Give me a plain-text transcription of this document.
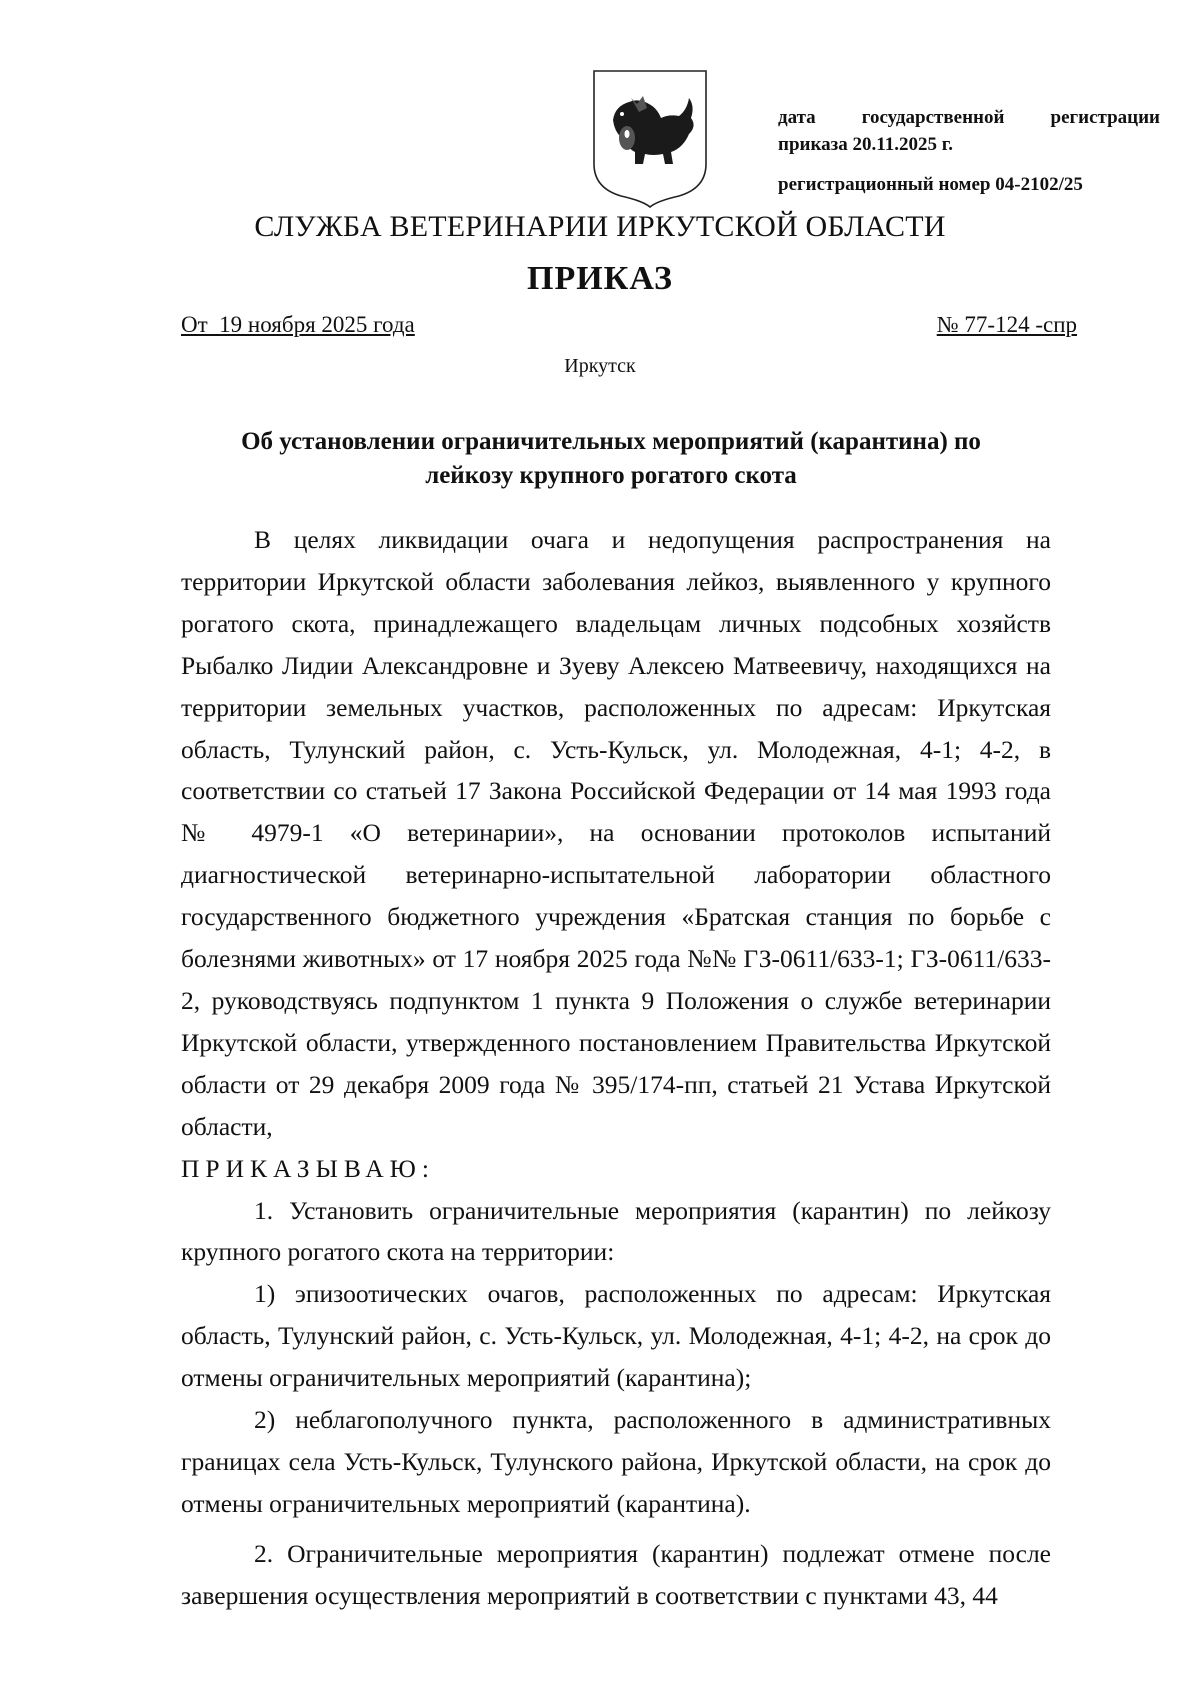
дата государственной регистрации
приказа 20.11.2025 г.
регистрационный номер 04-2102/25
СЛУЖБА ВЕТЕРИНАРИИ ИРКУТСКОЙ ОБЛАСТИ
ПРИКАЗ
От  19 ноября 2025 года	№ 77-124 -спр
Иркутск
Об установлении ограничительных мероприятий (карантина) по
лейкозу крупного рогатого скота

В целях ликвидации очага и недопущения распространения на территории Иркутской области заболевания лейкоз, выявленного у крупного рогатого скота, принадлежащего владельцам личных подсобных хозяйств Рыбалко Лидии Александровне и Зуеву Алексею Матвеевичу, находящихся на территории земельных участков, расположенных по адресам: Иркутская область, Тулунский район, с. Усть-Кульск, ул. Молодежная, 4-1; 4-2, в соответствии со статьей 17 Закона Российской Федерации от 14 мая 1993 года № 4979-1 «О ветеринарии», на основании протоколов испытаний диагностической ветеринарно-испытательной лаборатории областного государственного бюджетного учреждения «Братская станция по борьбе с болезнями животных» от 17 ноября 2025 года №№ ГЗ-0611/633-1; ГЗ-0611/633-2, руководствуясь подпунктом 1 пункта 9 Положения о службе ветеринарии Иркутской области, утвержденного постановлением Правительства Иркутской области от 29 декабря 2009 года № 395/174-пп, статьей 21 Устава Иркутской области,

ПРИКАЗЫВАЮ:

1. Установить ограничительные мероприятия (карантин) по лейкозу крупного рогатого скота на территории:

1) эпизоотических очагов, расположенных по адресам: Иркутская область, Тулунский район, с. Усть-Кульск, ул. Молодежная, 4-1; 4-2, на срок до отмены ограничительных мероприятий (карантина);

2) неблагополучного пункта, расположенного в административных границах села Усть-Кульск, Тулунского района, Иркутской области, на срок до отмены ограничительных мероприятий (карантина).

2. Ограничительные мероприятия (карантин) подлежат отмене после завершения осуществления мероприятий в соответствии с пунктами 43, 44
